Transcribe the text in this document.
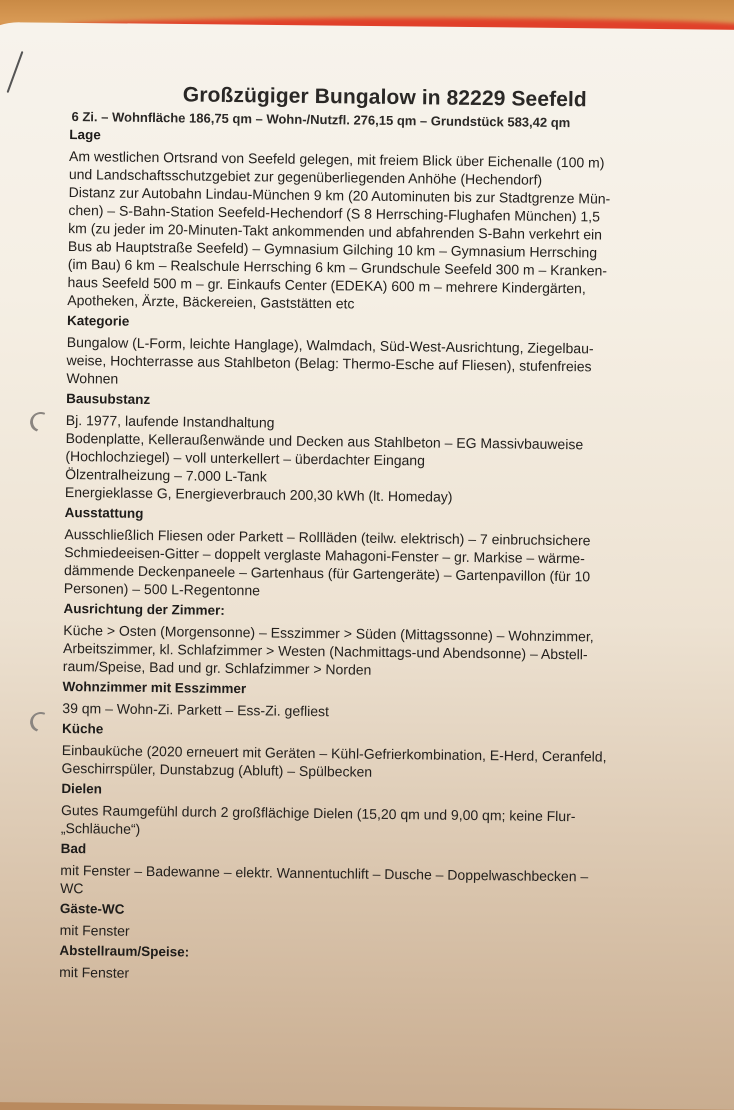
Großzügiger Bungalow in 82229 Seefeld
6 Zi. – Wohnfläche 186,75 qm – Wohn-/Nutzfl. 276,15 qm – Grundstück 583,42 qm
Lage
Am westlichen Ortsrand von Seefeld gelegen, mit freiem Blick über Eichenalle (100 m)
und Landschaftsschutzgebiet zur gegenüberliegenden Anhöhe (Hechendorf)
Distanz zur Autobahn Lindau-München 9 km (20 Autominuten bis zur Stadtgrenze Mün-
chen) – S-Bahn-Station Seefeld-Hechendorf (S 8 Herrsching-Flughafen München) 1,5
km (zu jeder im 20-Minuten-Takt ankommenden und abfahrenden S-Bahn verkehrt ein
Bus ab Hauptstraße Seefeld) – Gymnasium Gilching 10 km – Gymnasium Herrsching
(im Bau) 6 km – Realschule Herrsching 6 km – Grundschule Seefeld 300 m – Kranken-
haus Seefeld 500 m – gr. Einkaufs Center (EDEKA) 600 m – mehrere Kindergärten,
Apotheken, Ärzte, Bäckereien, Gaststätten etc
Kategorie
Bungalow (L-Form, leichte Hanglage), Walmdach, Süd-West-Ausrichtung, Ziegelbau-
weise, Hochterrasse aus Stahlbeton (Belag: Thermo-Esche auf Fliesen), stufenfreies
Wohnen
Bausubstanz
Bj. 1977, laufende Instandhaltung
Bodenplatte, Kelleraußenwände und Decken aus Stahlbeton – EG Massivbauweise
(Hochlochziegel) – voll unterkellert – überdachter Eingang
Ölzentralheizung – 7.000 L-Tank
Energieklasse G, Energieverbrauch 200,30 kWh (lt. Homeday)
Ausstattung
Ausschließlich Fliesen oder Parkett – Rollläden (teilw. elektrisch) – 7 einbruchsichere
Schmiedeeisen-Gitter – doppelt verglaste Mahagoni-Fenster – gr. Markise – wärme-
dämmende Deckenpaneele – Gartenhaus (für Gartengeräte) – Gartenpavillon (für 10
Personen) – 500 L-Regentonne
Ausrichtung der Zimmer:
Küche > Osten (Morgensonne) – Esszimmer > Süden (Mittagssonne) – Wohnzimmer,
Arbeitszimmer, kl. Schlafzimmer > Westen (Nachmittags-und Abendsonne) – Abstell-
raum/Speise, Bad und gr. Schlafzimmer > Norden
Wohnzimmer mit Esszimmer
39 qm – Wohn-Zi. Parkett – Ess-Zi. gefliest
Küche
Einbauküche (2020 erneuert mit Geräten – Kühl-Gefrierkombination, E-Herd, Ceranfeld,
Geschirrspüler, Dunstabzug (Abluft) – Spülbecken
Dielen
Gutes Raumgefühl durch 2 großflächige Dielen (15,20 qm und 9,00 qm; keine Flur-
„Schläuche“)
Bad
mit Fenster – Badewanne – elektr. Wannentuchlift – Dusche – Doppelwaschbecken –
WC
Gäste-WC
mit Fenster
Abstellraum/Speise:
mit Fenster
